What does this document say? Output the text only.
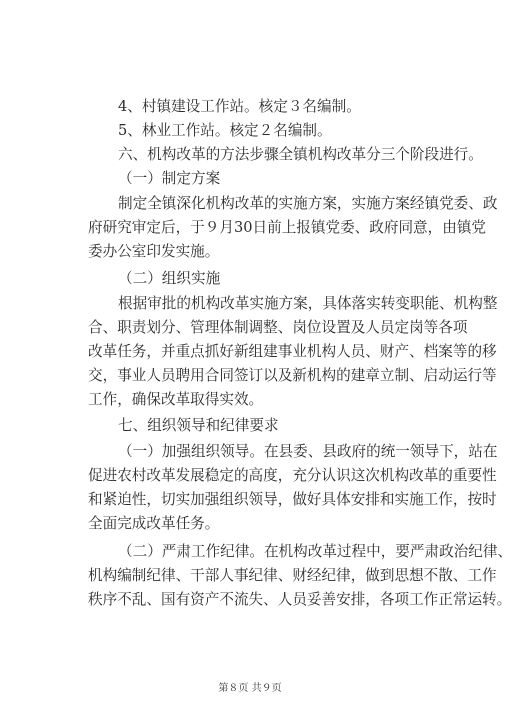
4、村镇建设工作站。核定３名编制。
5、林业工作站。核定２名编制。
六、机构改革的方法步骤全镇机构改革分三个阶段进行。
（一）制定方案
制定全镇深化机构改革的实施方案，实施方案经镇党委、政
府研究审定后，于９月30日前上报镇党委、政府同意，由镇党
委办公室印发实施。
（二）组织实施
根据审批的机构改革实施方案，具体落实转变职能、机构整
合、职责划分、管理体制调整、岗位设置及人员定岗等各项
改革任务，并重点抓好新组建事业机构人员、财产、档案等的移
交，事业人员聘用合同签订以及新机构的建章立制、启动运行等
工作，确保改革取得实效。
七、组织领导和纪律要求
（一）加强组织领导。在县委、县政府的统一领导下，站在
促进农村改革发展稳定的高度，充分认识这次机构改革的重要性
和紧迫性，切实加强组织领导，做好具体安排和实施工作，按时
全面完成改革任务。
（二）严肃工作纪律。在机构改革过程中，要严肃政治纪律、
机构编制纪律、干部人事纪律、财经纪律，做到思想不散、工作
秩序不乱、国有资产不流失、人员妥善安排，各项工作正常运转。
第８页 共９页
